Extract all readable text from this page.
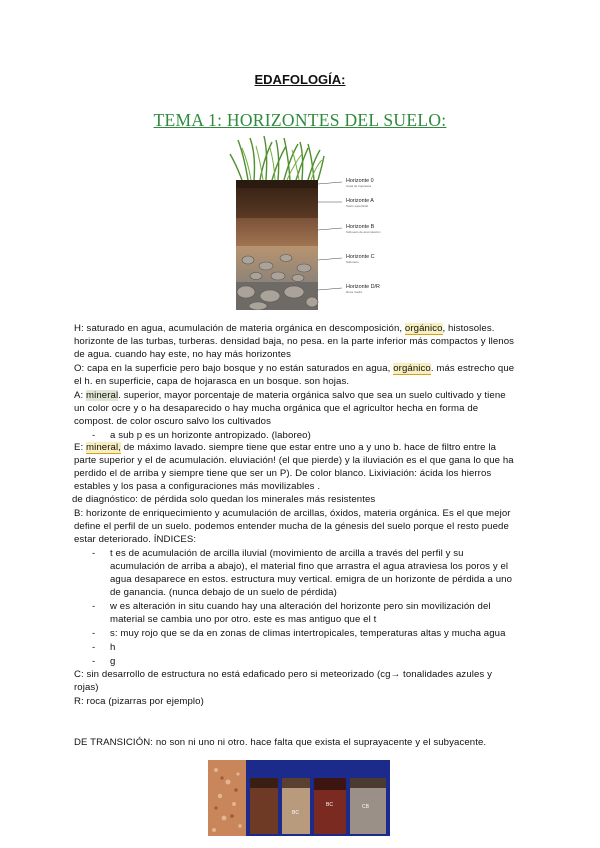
EDAFOLOGÍA:
TEMA 1: HORIZONTES DEL SUELO:
Horizonte 0
Capa de hojarasca
Horizonte A
Suelo superficial
Horizonte B
Subsuelo de acumulación
Horizonte C
Subsuelo
Horizonte D/R
Roca madre
H: saturado en agua, acumulación de materia orgánica en descomposición, orgánico, histosoles.
horizonte de las turbas, turberas. densidad baja, no pesa. en la parte inferior más compactos y llenos
de agua. cuando hay este, no hay más horizontes
O: capa en la superficie pero bajo bosque y no están saturados en agua, orgánico. más estrecho que
el h. en superficie, capa de hojarasca en un bosque. son hojas.
A: mineral. superior, mayor porcentaje de materia orgánica salvo que sea un suelo cultivado y tiene
un color ocre y o ha desaparecido o hay mucha orgánica que el agricultor hecha en forma de
compost. de color oscuro salvo los cultivados
- a sub p es un horizonte antropizado. (laboreo)
E: mineral, de máximo lavado. siempre tiene que estar entre uno a y uno b. hace de filtro entre la
parte superior y el de acumulación. eluviación! (el que pierde) y la iluviación es el que gana lo que ha
perdido el de arriba y siempre tiene que ser un P). De color blanco. Lixiviación: ácida los hierros
estables y los pasa a configuraciones más movilizables .
de diagnóstico: de pérdida solo quedan los minerales más resistentes
B: horizonte de enriquecimiento y acumulación de arcillas, óxidos, materia orgánica. Es el que mejor
define el perfil de un suelo. podemos entender mucha de la génesis del suelo porque el resto puede
estar deteriorado. ÍNDICES:
- t es de acumulación de arcilla iluvial (movimiento de arcilla a través del perfil y su
acumulación de arriba a abajo), el material fino que arrastra el agua atraviesa los poros y el
agua desaparece en estos. estructura muy vertical. emigra de un horizonte de pérdida a uno
de ganancia. (nunca debajo de un suelo de pérdida)
- w es alteración in situ cuando hay una alteración del horizonte pero sin movilización del
material se cambia uno por otro. este es mas antiguo que el t
- s: muy rojo que se da en zonas de climas intertropicales, temperaturas altas y mucha agua
- h
- g
C: sin desarrollo de estructura no está edaficado pero si meteorizado (cg→ tonalidades azules y
rojas)
R: roca (pizarras por ejemplo)
DE TRANSICIÓN: no son ni uno ni otro. hace falta que exista el suprayacente y el subyacente.
BC
BC	CB
